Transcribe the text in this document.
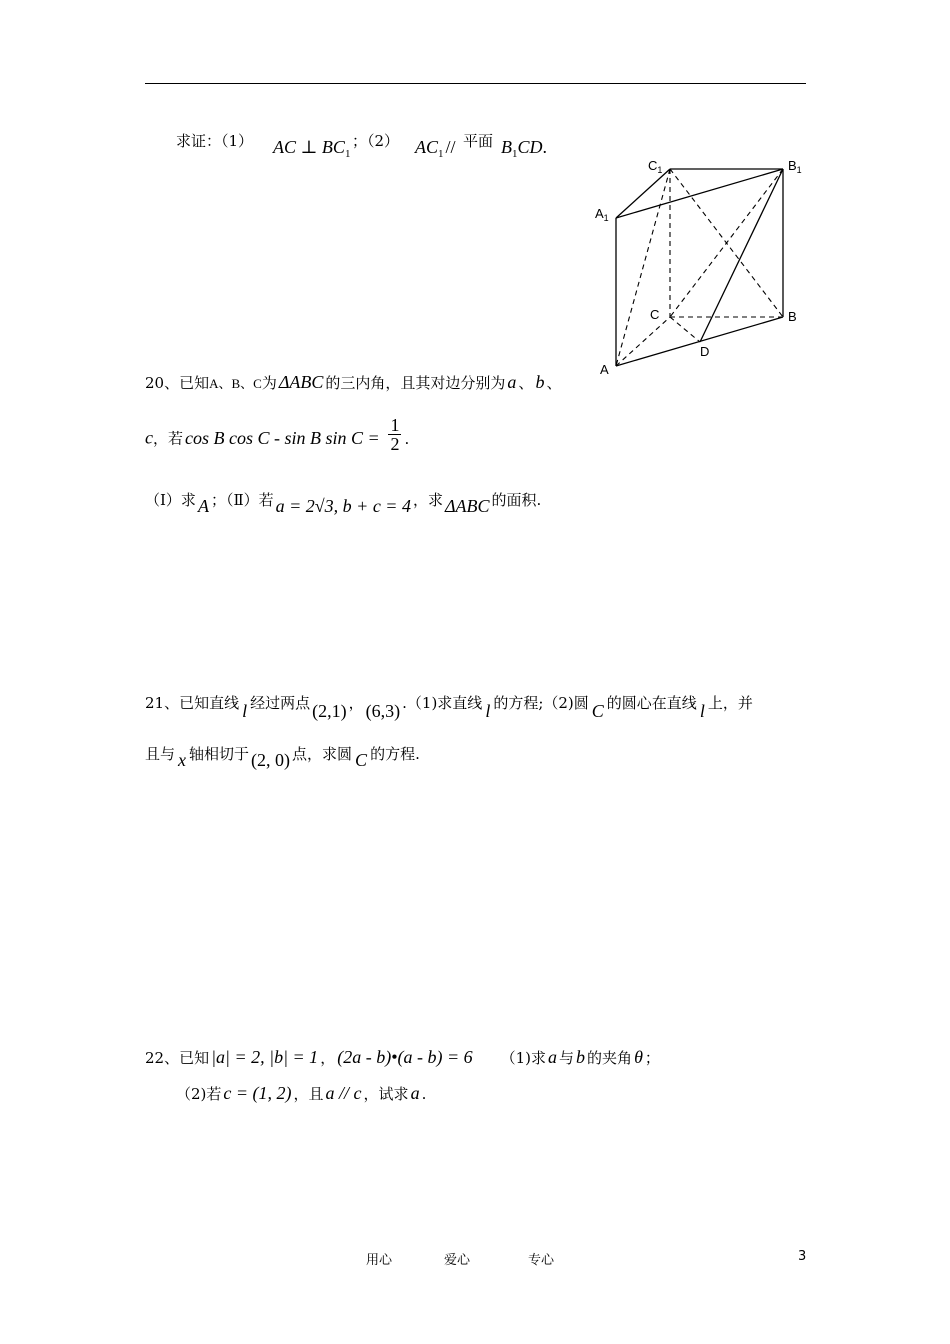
求证：（1） AC ⊥ $BC_1$
；（2） $AC_1$ // 平面 $B_1CD$.
$C_1$	$B_1$
$A_1$
C	B
D
A
20、已知A、B、C为 ΔABC 的三内角，且其对边分别为 a 、 b 、
c，若 cos B cos C - sin B $\sin C = \frac{1}{2}$ .
（Ⅰ）求 A ；（Ⅱ）若 a = 2√3, b + c = 4 ，求 ΔABC 的面积.
21、已知直线 l 经过两点 (2,1) ， (6,3) .（1)求直线 l 的方程;（2)圆 C 的圆心在直线 l 上，并
且与 x 轴相切于 (2, 0) 点，求圆 C 的方程.
22、已知 |a| = 2, |b| = 1 ， (2a - b)•(a - b) = 6 （1)求 a 与 b 的夹角 θ ；
（2)若 c = (1, 2) ，且 a // c ，试求 a .
用心	爱心	专心	3
